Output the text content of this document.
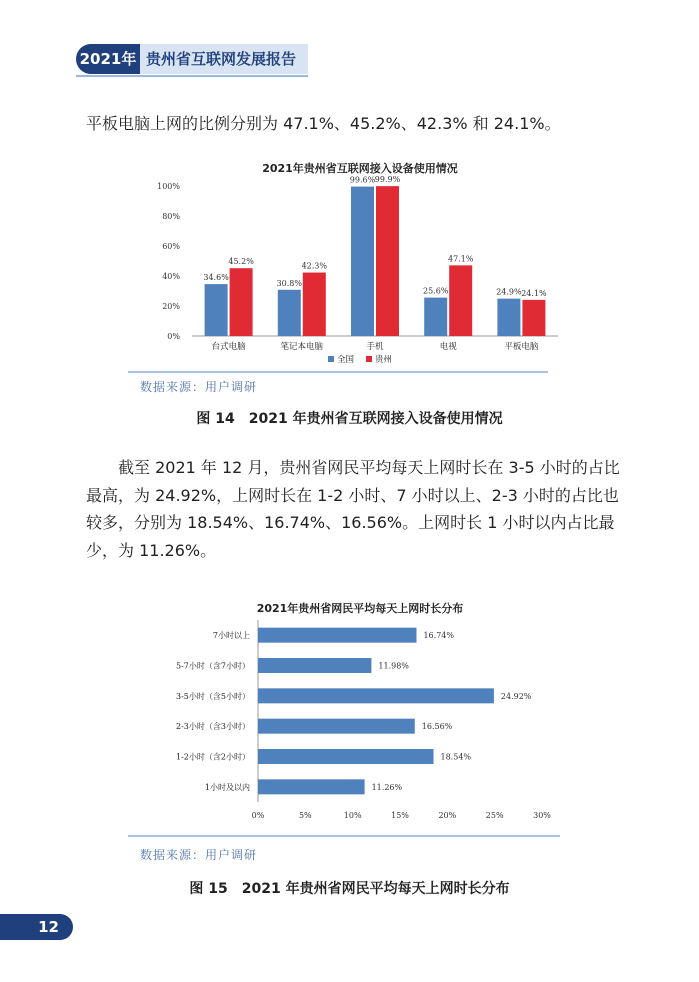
2021年 贵州省互联网发展报告

平板电脑上网的比例分别为 47.1%、45.2%、42.3% 和 24.1%。

2021年贵州省互联网接入设备使用情况
0%
20%
40%
60%
80%
100%
34.6%
45.2%
台式电脑
30.8%
42.3%
笔记本电脑
99.6% 99.9%
手机
25.6%
47.1%
电视
24.9% 24.1%
平板电脑
全国 贵州
数据来源：用户调研
图 14　2021 年贵州省互联网接入设备使用情况

截至 2021 年 12 月，贵州省网民平均每天上网时长在 3-5 小时的占比最高，为 24.92%，上网时长在 1-2 小时、7 小时以上、2-3 小时的占比也较多，分别为 18.54%、16.74%、16.56%。上网时长 1 小时以内占比最少，为 11.26%。

2021年贵州省网民平均每天上网时长分布
16.74%
7小时以上
11.98%
5-7小时（含7小时）
24.92%
3-5小时（含5小时）
16.56%
2-3小时（含3小时）
18.54%
1-2小时（含2小时）
11.26%
1小时及以内
0%	5%	10%	15%	20%	25%	30%
数据来源：用户调研
图 15　2021 年贵州省网民平均每天上网时长分布
12
